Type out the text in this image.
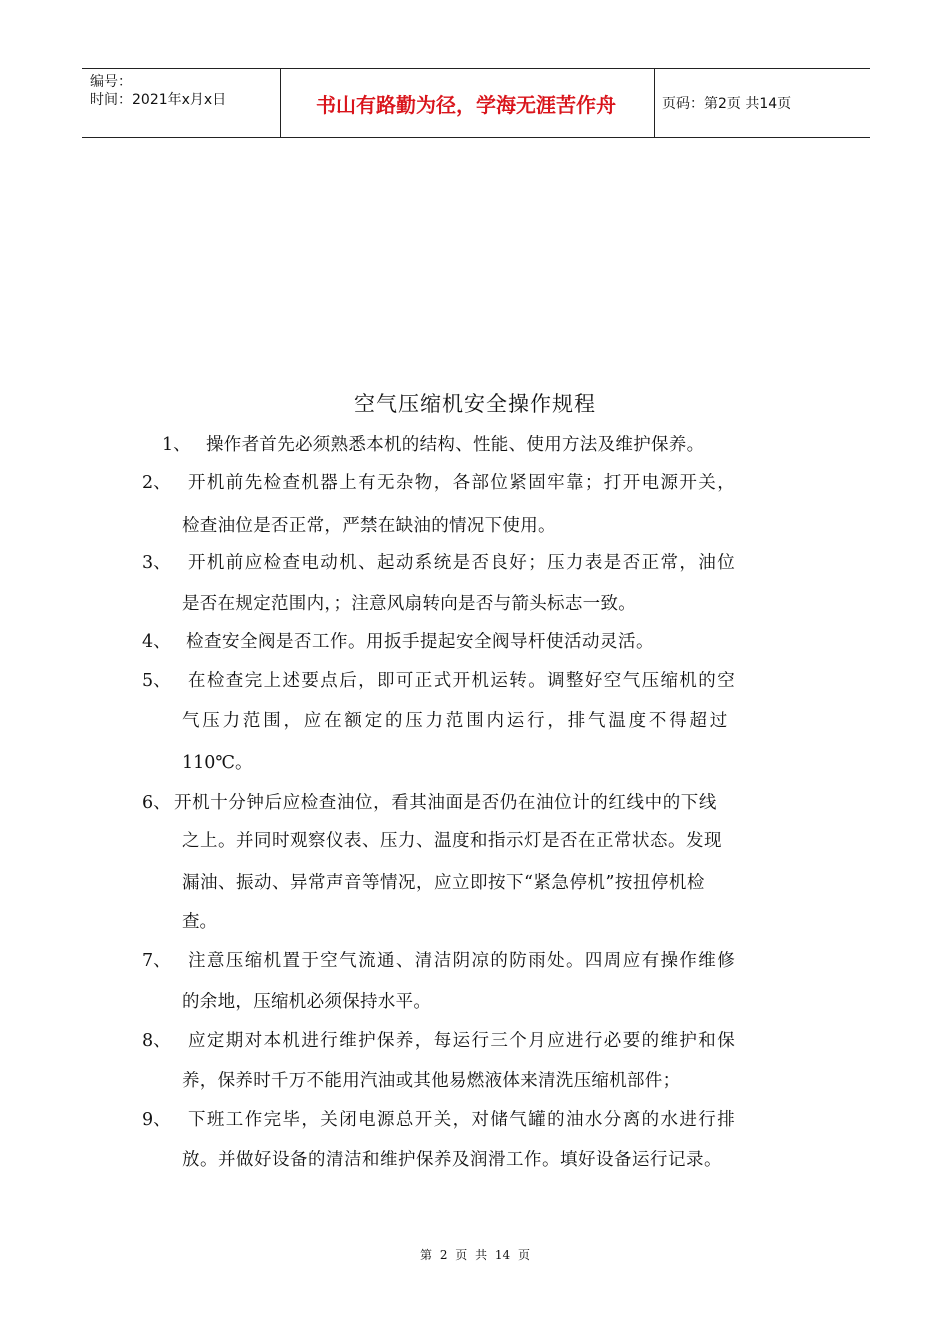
编号：
时间：2021年x月x日	书山有路勤为径，学海无涯苦作舟	页码：第2页 共14页
空气压缩机安全操作规程
1、 操作者首先必须熟悉本机的结构、性能、使用方法及维护保养。
2、 开机前先检查机器上有无杂物，各部位紧固牢靠；打开电源开关，
检查油位是否正常，严禁在缺油的情况下使用。
3、 开机前应检查电动机、起动系统是否良好；压力表是否正常，油位
是否在规定范围内，；注意风扇转向是否与箭头标志一致。
4、 检查安全阀是否工作。用扳手提起安全阀导杆使活动灵活。
5、 在检查完上述要点后，即可正式开机运转。调整好空气压缩机的空
气压力范围，应在额定的压力范围内运行，排气温度不得超过
110℃。
6、 开机十分钟后应检查油位，看其油面是否仍在油位计的红线中的下线
之上。并同时观察仪表、压力、温度和指示灯是否在正常状态。发现
漏油、振动、异常声音等情况，应立即按下“紧急停机”按扭停机检
查。
7、 注意压缩机置于空气流通、清洁阴凉的防雨处。四周应有操作维修
的余地，压缩机必须保持水平。
8、 应定期对本机进行维护保养，每运行三个月应进行必要的维护和保
养，保养时千万不能用汽油或其他易燃液体来清洗压缩机部件；
9、 下班工作完毕，关闭电源总开关，对储气罐的油水分离的水进行排
放。并做好设备的清洁和维护保养及润滑工作。填好设备运行记录。
第 2 页 共 14 页
